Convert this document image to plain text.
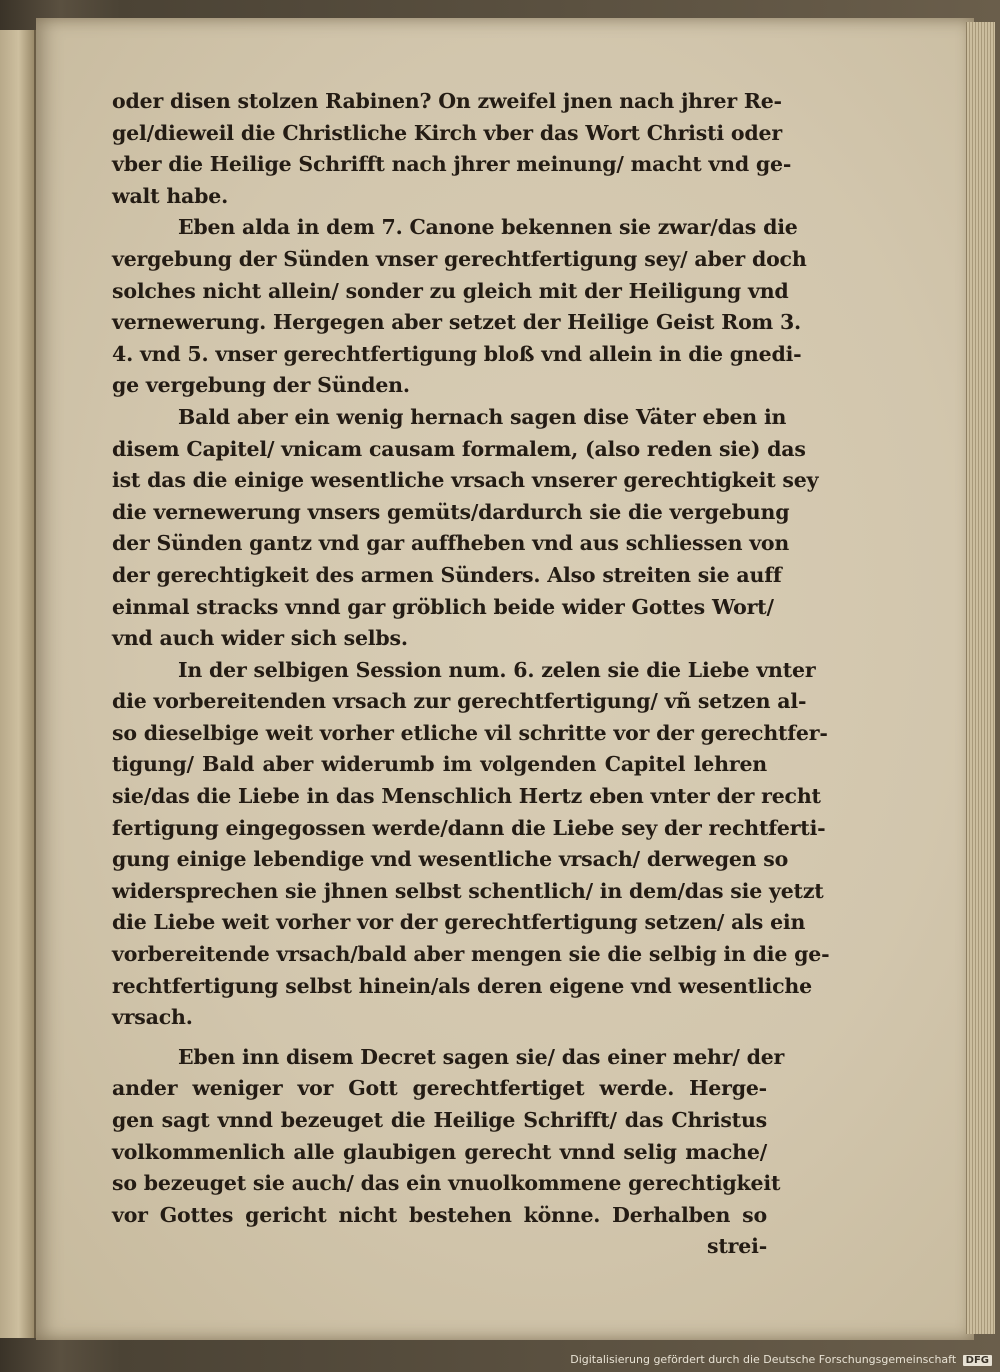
oder disen stolzen Rabinen? On zweifel jnen nach jhrer Re-
gel/dieweil die Christliche Kirch vber das Wort Christi oder
vber die Heilige Schrifft nach jhrer meinung/ macht vnd ge-
walt habe.
Eben alda in dem 7. Canone bekennen sie zwar/das die
vergebung der Sünden vnser gerechtfertigung sey/ aber doch
solches nicht allein/ sonder zu gleich mit der Heiligung vnd
vernewerung. Hergegen aber setzet der Heilige Geist Rom 3.
4. vnd 5. vnser gerechtfertigung bloß vnd allein in die gnedi-
ge vergebung der Sünden.
Bald aber ein wenig hernach sagen dise Väter eben in
disem Capitel/ vnicam causam formalem, (also reden sie) das
ist das die einige wesentliche vrsach vnserer gerechtigkeit sey
die vernewerung vnsers gemüts/dardurch sie die vergebung
der Sünden gantz vnd gar auffheben vnd aus schliessen von
der gerechtigkeit des armen Sünders. Also streiten sie auff
einmal stracks vnnd gar gröblich beide wider Gottes Wort/
vnd auch wider sich selbs.
In der selbigen Session num. 6. zelen sie die Liebe vnter
die vorbereitenden vrsach zur gerechtfertigung/ vñ setzen al-
so dieselbige weit vorher etliche vil schritte vor der gerechtfer-
tigung/ Bald aber widerumb im volgenden Capitel lehren
sie/das die Liebe in das Menschlich Hertz eben vnter der recht
fertigung eingegossen werde/dann die Liebe sey der rechtferti-
gung einige lebendige vnd wesentliche vrsach/ derwegen so
widersprechen sie jhnen selbst schentlich/ in dem/das sie yetzt
die Liebe weit vorher vor der gerechtfertigung setzen/ als ein
vorbereitende vrsach/bald aber mengen sie die selbig in die ge-
rechtfertigung selbst hinein/als deren eigene vnd wesentliche
vrsach.
Eben inn disem Decret sagen sie/ das einer mehr/ der
ander weniger vor Gott gerechtfertiget werde. Herge-
gen sagt vnnd bezeuget die Heilige Schrifft/ das Christus
volkommenlich alle glaubigen gerecht vnnd selig mache/
so bezeuget sie auch/ das ein vnuolkommene gerechtigkeit
vor Gottes gericht nicht bestehen könne. Derhalben so
strei-
Digitalisierung gefördert durch die Deutsche Forschungsgemeinschaft DFG
